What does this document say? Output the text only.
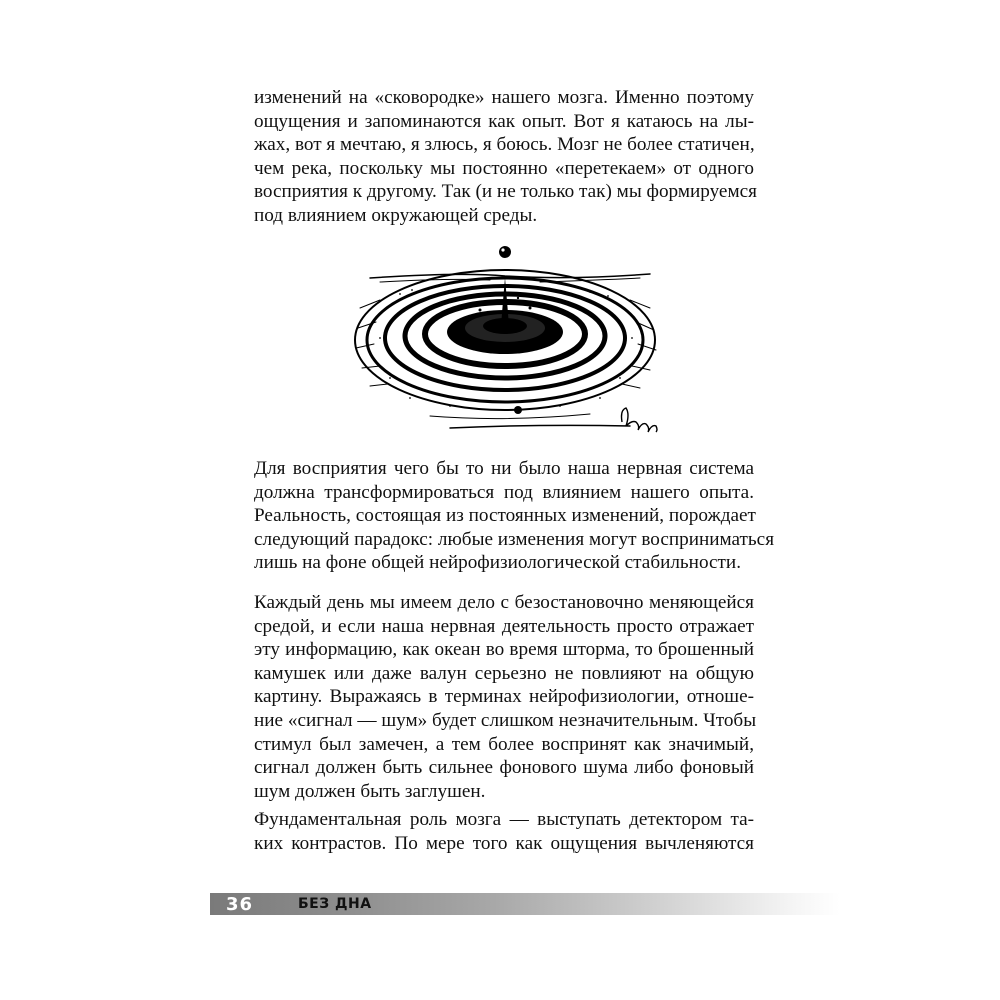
изменений на «сковородке» нашего мозга. Именно поэтому
ощущения и запоминаются как опыт. Вот я катаюсь на лы-
жах, вот я мечтаю, я злюсь, я боюсь. Мозг не более статичен,
чем река, поскольку мы постоянно «перетекаем» от одного
восприятия к другому. Так (и не только так) мы формируемся
под влиянием окружающей среды.
Для восприятия чего бы то ни было наша нервная система
должна трансформироваться под влиянием нашего опыта.
Реальность, состоящая из постоянных изменений, порождает
следующий парадокс: любые изменения могут восприниматься
лишь на фоне общей нейрофизиологической стабильности.
Каждый день мы имеем дело с безостановочно меняющейся
средой, и если наша нервная деятельность просто отражает
эту информацию, как океан во время шторма, то брошенный
камушек или даже валун серьезно не повлияют на общую
картину. Выражаясь в терминах нейрофизиологии, отноше-
ние «сигнал — шум» будет слишком незначительным. Чтобы
стимул был замечен, а тем более воспринят как значимый,
сигнал должен быть сильнее фонового шума либо фоновый
шум должен быть заглушен.
Фундаментальная роль мозга — выступать детектором та-
ких контрастов. По мере того как ощущения вычленяются
36	БЕЗ ДНА
